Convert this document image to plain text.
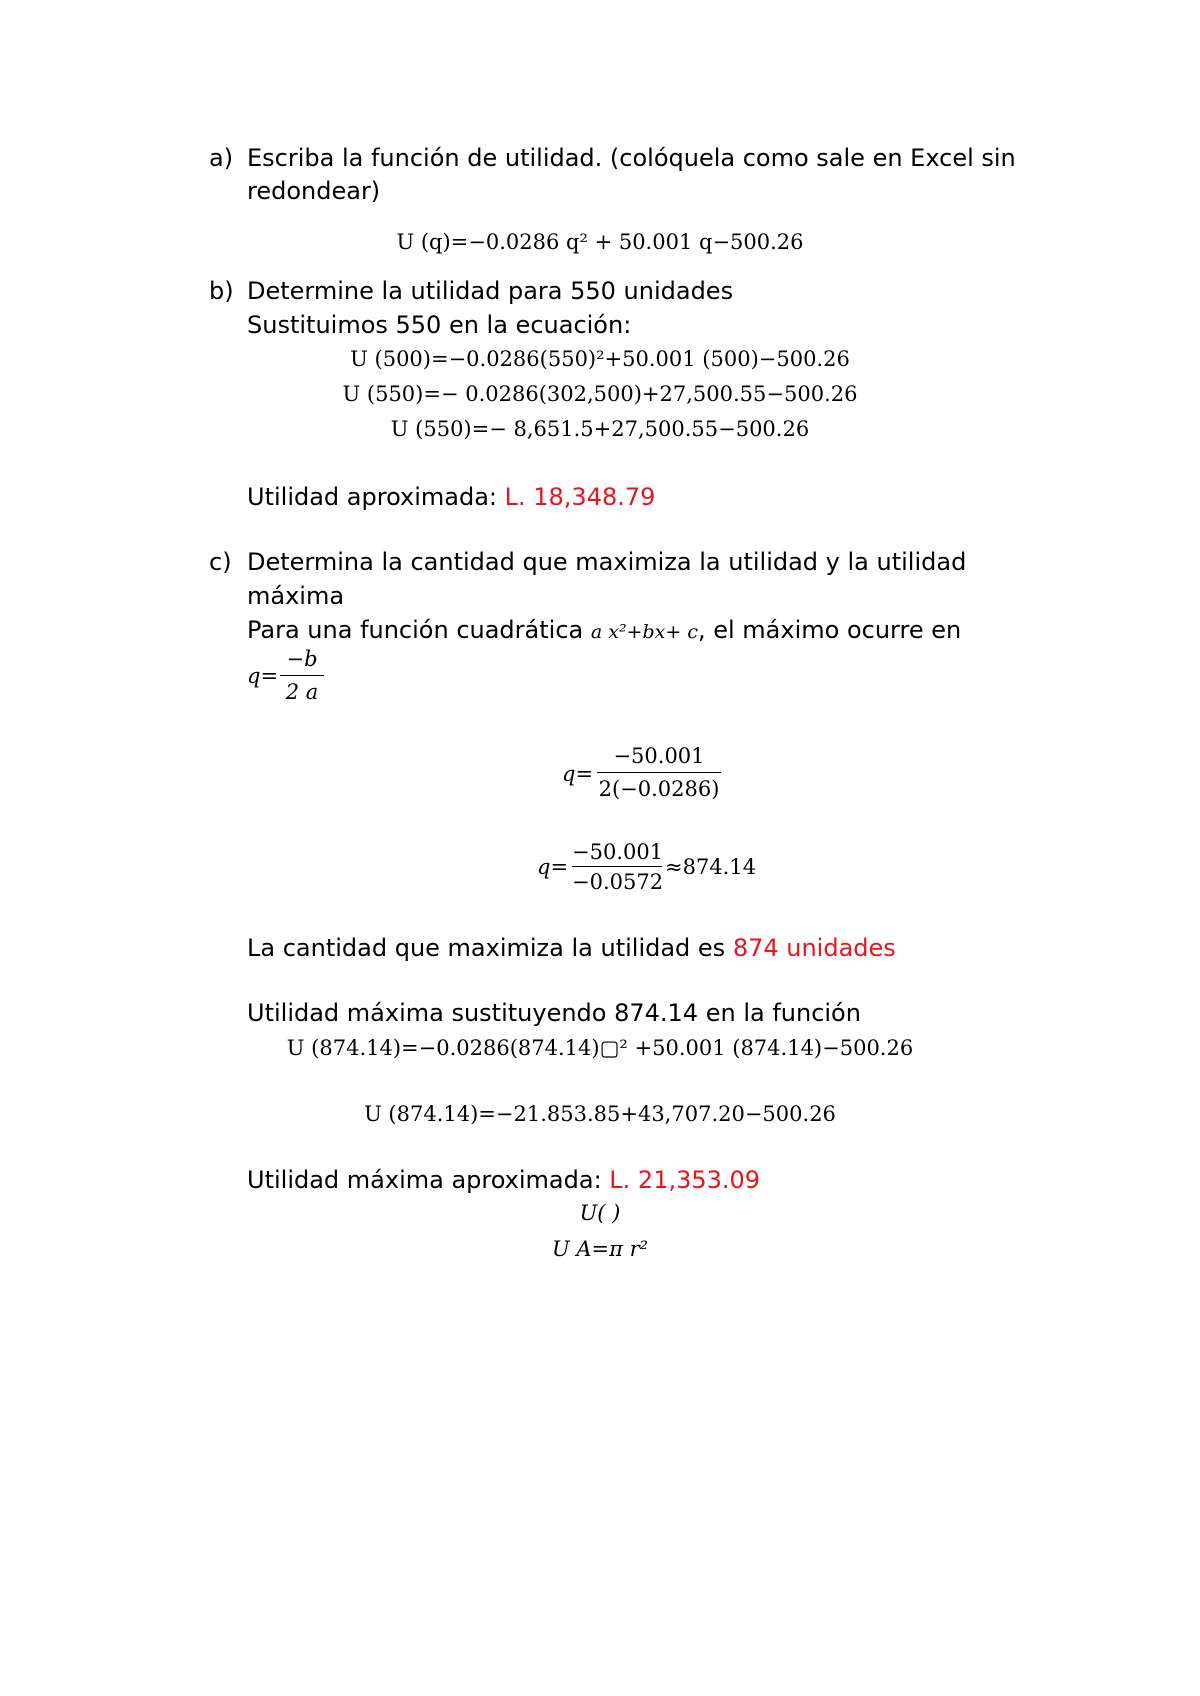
a) Escriba la función de utilidad. (colóquela como sale en Excel sin
redondear)
U (q)=−0.0286 q² + 50.001 q−500.26
b) Determine la utilidad para 550 unidades
Sustituimos 550 en la ecuación:
U (500)=−0.0286(550)²+50.001 (500)−500.26
U (550)=− 0.0286(302,500)+27,500.55−500.26
U (550)=− 8,651.5+27,500.55−500.26
Utilidad aproximada: L. 18,348.79
c) Determina la cantidad que maximiza la utilidad y la utilidad
máxima
Para una función cuadrática a x²+bx+ c, el máximo ocurre en
q=
−b
2 a
q=
−50.001
2(−0.0286)
q=
−50.001
−0.0572
≈874.14
La cantidad que maximiza la utilidad es 874 unidades
Utilidad máxima sustituyendo 874.14 en la función
U (874.14)=−0.0286(874.14)▢² +50.001 (874.14)−500.26
U (874.14)=−21.853.85+43,707.20−500.26
Utilidad máxima aproximada: L. 21,353.09
U( )
U A=π r²
